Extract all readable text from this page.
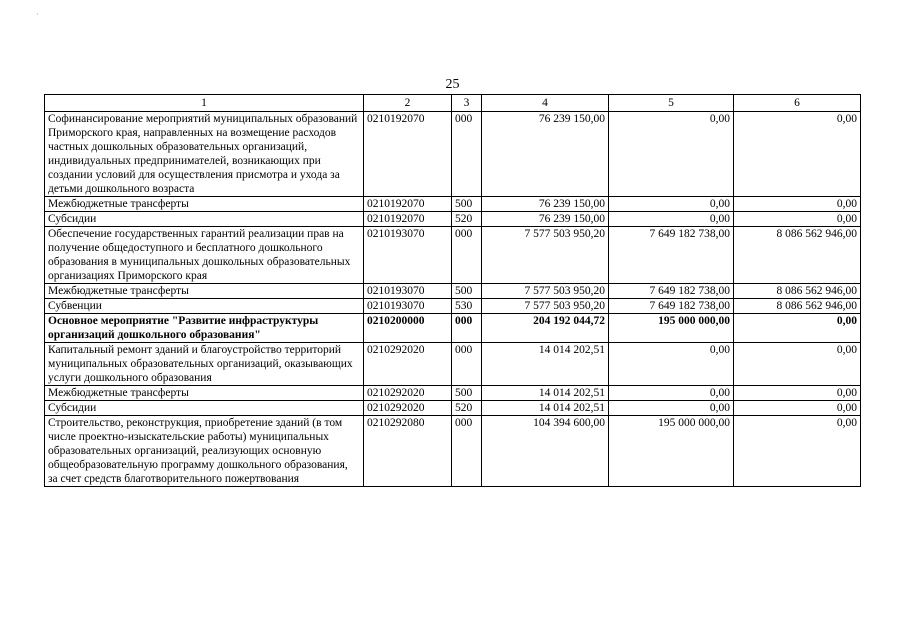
·
25
1	2	3	4	5	6
Софинансирование мероприятий муниципальных образований Приморского края, направленных на возмещение расходов частных дошкольных образовательных организаций, индивидуальных предпринимателей, возникающих при создании условий для осуществления присмотра и ухода за детьми дошкольного возраста	0210192070	000	76 239 150,00	0,00	0,00
Межбюджетные трансферты	0210192070	500	76 239 150,00	0,00	0,00
Субсидии	0210192070	520	76 239 150,00	0,00	0,00
Обеспечение государственных гарантий реализации прав на получение общедоступного и бесплатного дошкольного образования в муниципальных дошкольных образовательных организациях Приморского края	0210193070	000	7 577 503 950,20	7 649 182 738,00	8 086 562 946,00
Межбюджетные трансферты	0210193070	500	7 577 503 950,20	7 649 182 738,00	8 086 562 946,00
Субвенции	0210193070	530	7 577 503 950,20	7 649 182 738,00	8 086 562 946,00
Основное мероприятие "Развитие инфраструктуры организаций дошкольного образования"	0210200000	000	204 192 044,72	195 000 000,00	0,00
Капитальный ремонт зданий и благоустройство территорий муниципальных образовательных организаций, оказывающих услуги дошкольного образования	0210292020	000	14 014 202,51	0,00	0,00
Межбюджетные трансферты	0210292020	500	14 014 202,51	0,00	0,00
Субсидии	0210292020	520	14 014 202,51	0,00	0,00
Строительство, реконструкция, приобретение зданий (в том числе проектно-изыскательские работы) муниципальных образовательных организаций, реализующих основную общеобразовательную программу дошкольного образования, за счет средств благотворительного пожертвования	0210292080	000	104 394 600,00	195 000 000,00	0,00
